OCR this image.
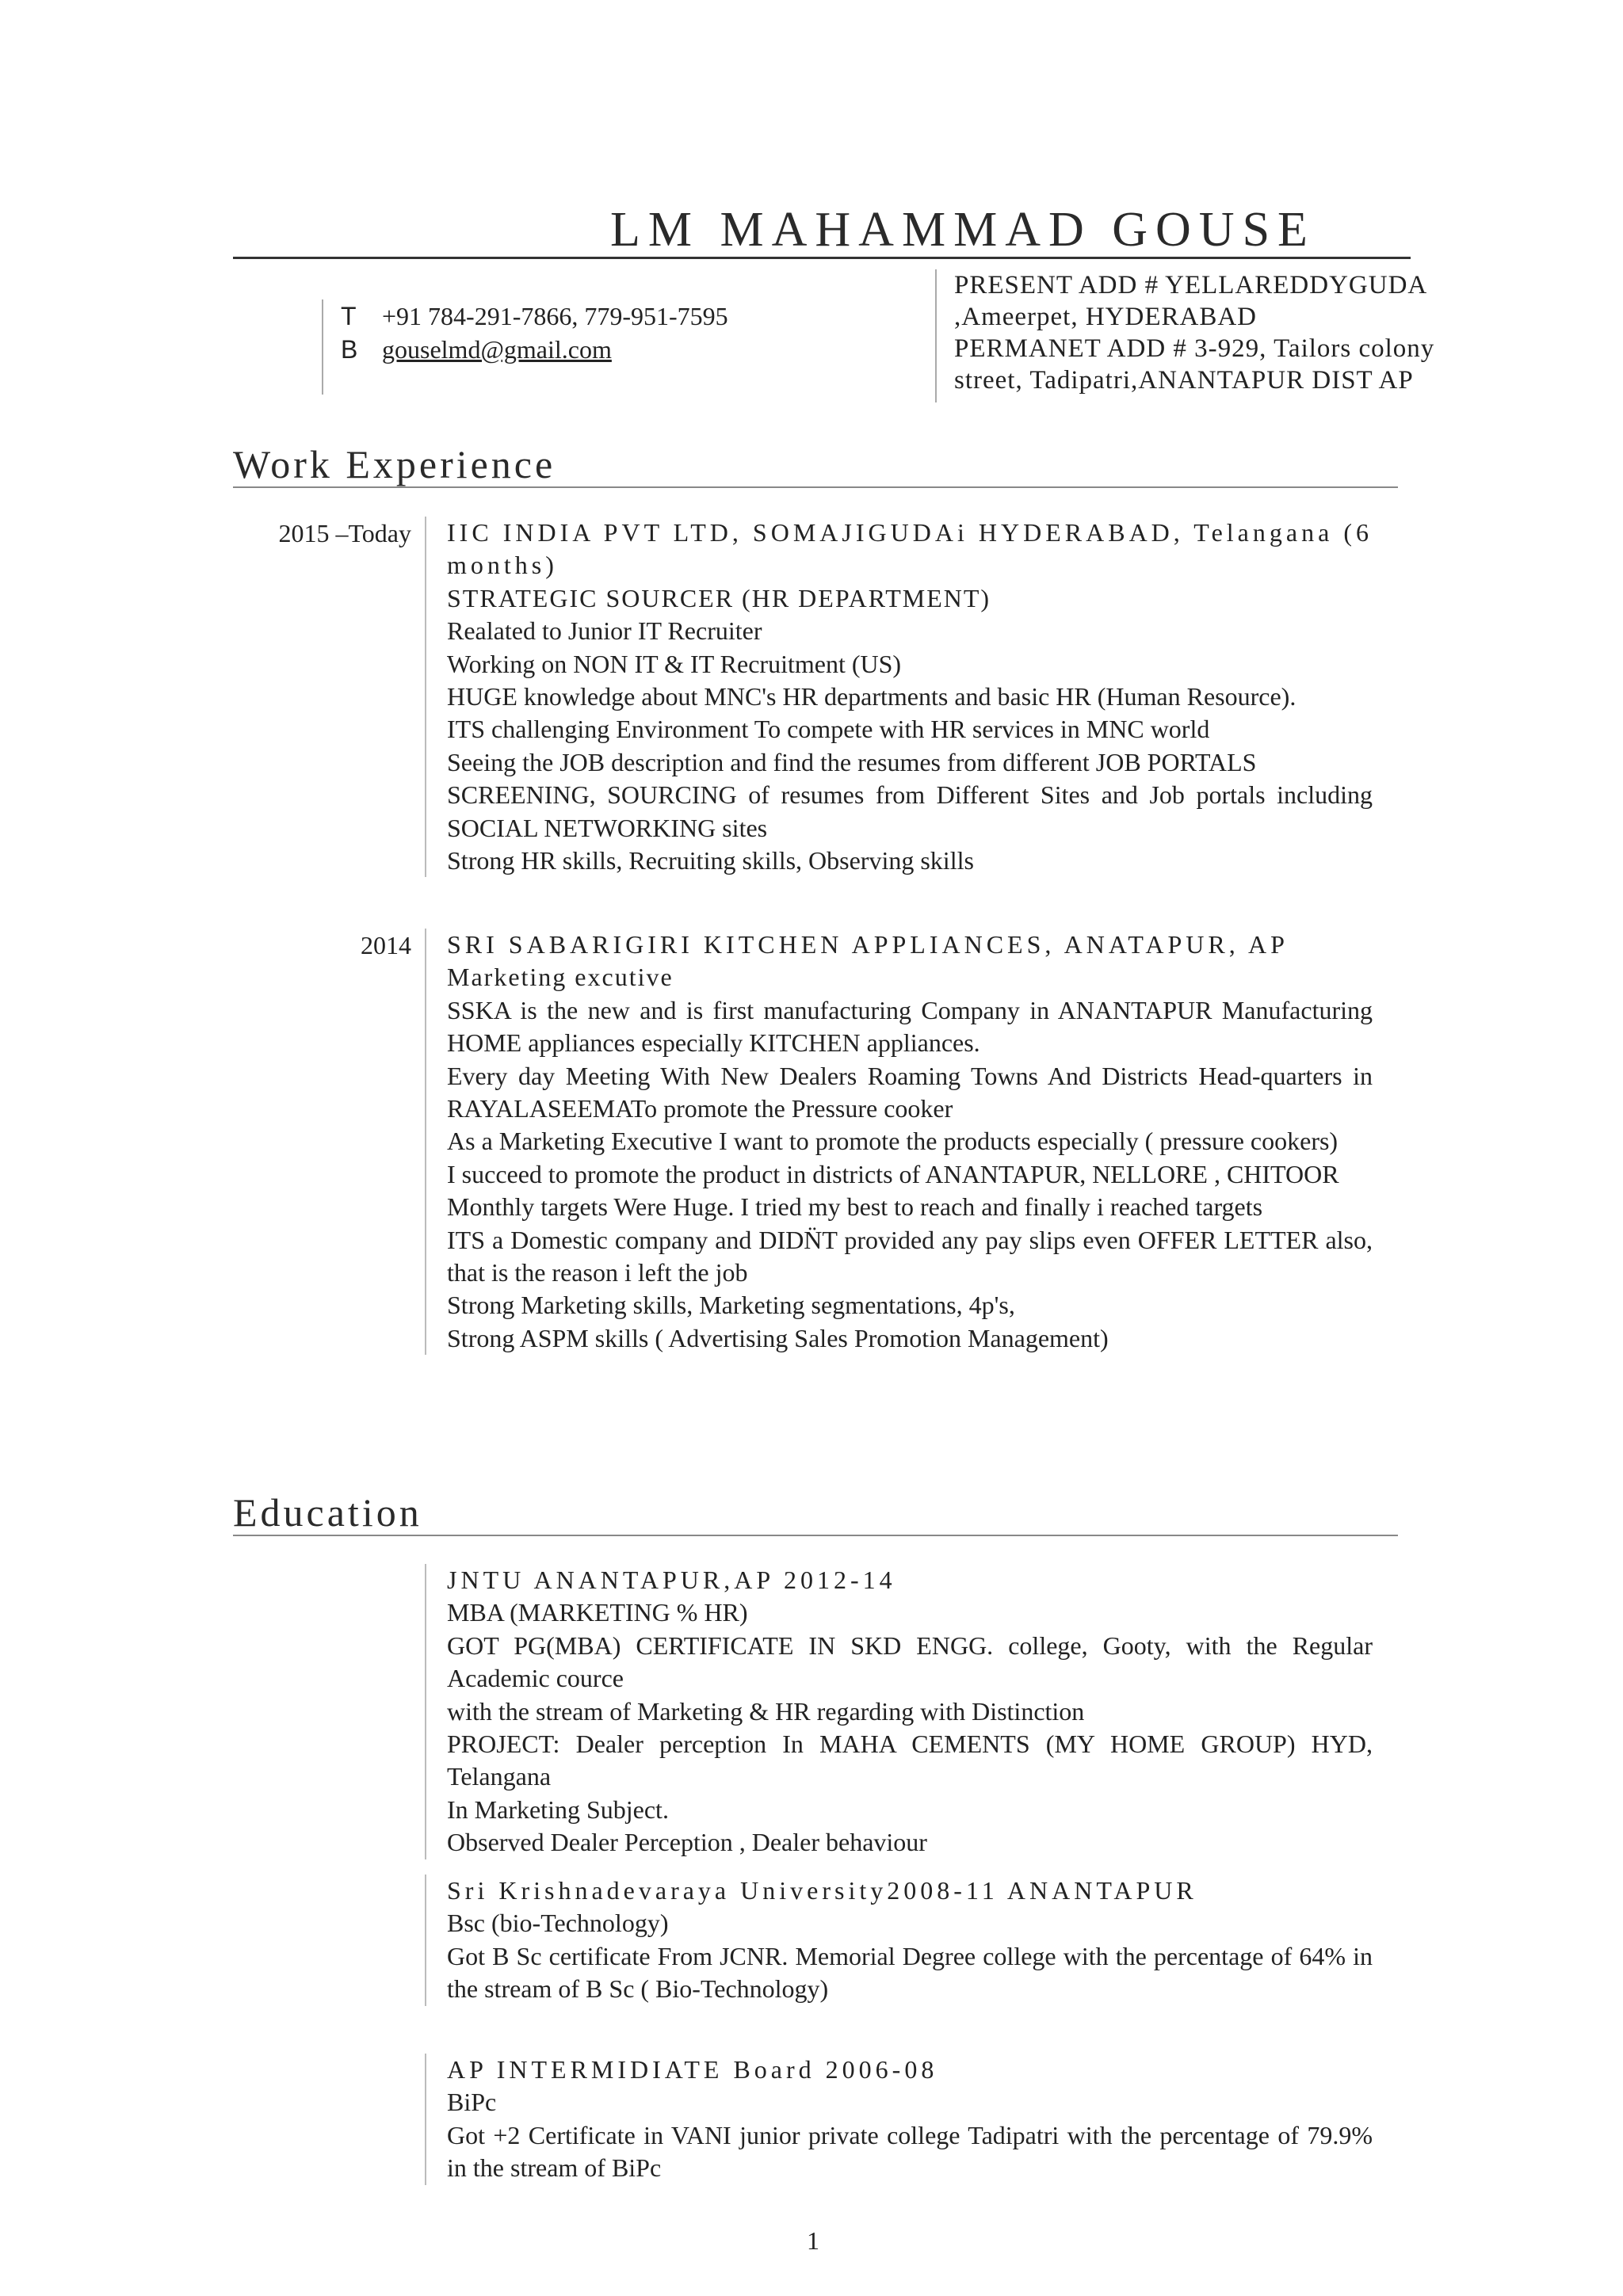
LM MAHAMMAD GOUSE
T	+91 784-291-7866, 779-951-7595
B gouselmd@gmail.com
PRESENT ADD # YELLAREDDYGUDA ,Ameerpet, HYDERABAD
PERMANET ADD # 3-929, Tailors colony street, Tadipatri,ANANTAPUR DIST AP
Work Experience
2015 –Today IIC INDIA PVT LTD, SOMAJIGUDAi HYDERABAD, Telangana (6 months)
STRATEGIC SOURCER (HR DEPARTMENT)
Realated to Junior IT Recruiter
Working on NON IT & IT Recruitment (US)
HUGE knowledge about MNC's HR departments and basic HR (Human Resource).
ITS challenging Environment To compete with HR services in MNC world
Seeing the JOB description and find the resumes from different JOB PORTALS
SCREENING, SOURCING of resumes from Different Sites and Job portals including SOCIAL NETWORKING sites
Strong HR skills, Recruiting skills, Observing skills
2014 SRI SABARIGIRI KITCHEN APPLIANCES, ANATAPUR, AP
Marketing excutive
SSKA is the new and is first manufacturing Company in ANANTAPUR Manufacturing HOME appliances especially KITCHEN appliances.
Every day Meeting With New Dealers Roaming Towns And Districts Head-quarters in RAYALASEEMATo promote the Pressure cooker
As a Marketing Executive I want to promote the products especially ( pressure cookers)
I succeed to promote the product in districts of ANANTAPUR, NELLORE , CHITOOR
Monthly targets Were Huge. I tried my best to reach and finally i reached targets
ITS a Domestic company and DIDN̈T provided any pay slips even OFFER LETTER also, that is the reason i left the job
Strong Marketing skills, Marketing segmentations, 4p's,
Strong ASPM skills ( Advertising Sales Promotion Management)
Education
JNTU ANANTAPUR,AP 2012-14
MBA (MARKETING % HR)
GOT PG(MBA) CERTIFICATE IN SKD ENGG. college, Gooty, with the Regular Academic cource
with the stream of Marketing & HR regarding with Distinction
PROJECT: Dealer perception In MAHA CEMENTS (MY HOME GROUP) HYD, Telangana
In Marketing Subject.
Observed Dealer Perception , Dealer behaviour
Sri Krishnadevaraya University2008-11 ANANTAPUR
Bsc (bio-Technology)
Got B Sc certificate From JCNR. Memorial Degree college with the percentage of 64% in the stream of B Sc ( Bio-Technology)
AP INTERMIDIATE Board 2006-08
BiPc
Got +2 Certificate in VANI junior private college Tadipatri with the percentage of 79.9% in the stream of BiPc
1
